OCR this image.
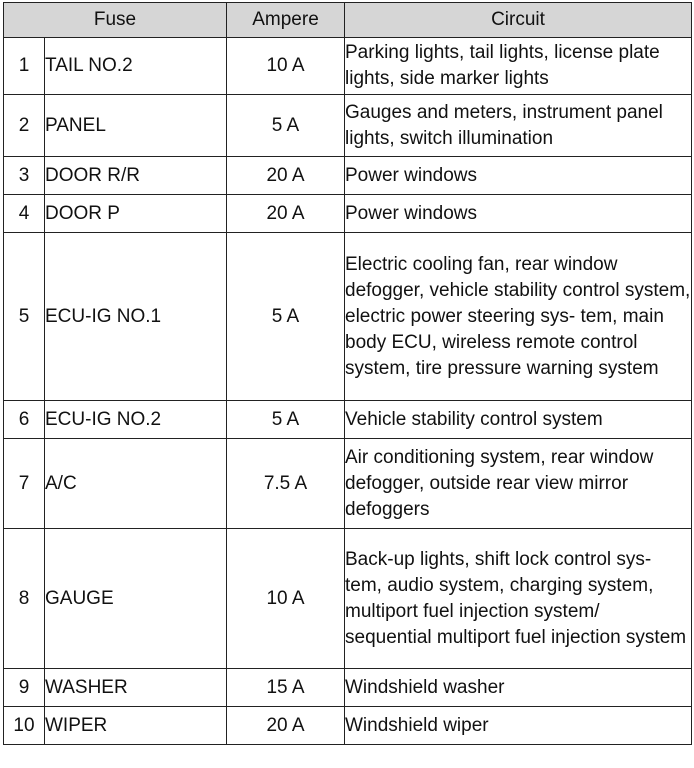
Fuse		Ampere	Circuit
1	TAIL NO.2	10 A	Parking lights, tail lights, license plate lights, side marker lights
2	PANEL	5 A	Gauges and meters, instrument panel lights, switch illumination
3	DOOR R/R	20 A	Power windows
4	DOOR P	20 A	Power windows
5	ECU-IG NO.1	5 A	Electric cooling fan, rear window defogger, vehicle stability control system, electric power steering sys- tem, main body ECU, wireless remote control system, tire pressure warning system
6	ECU-IG NO.2	5 A	Vehicle stability control system
7	A/C	7.5 A	Air conditioning system, rear window defogger, outside rear view mirror defoggers
8	GAUGE	10 A	Back-up lights, shift lock control sys- tem, audio system, charging system, multiport fuel injection system/ sequential multiport fuel injection system
9	WASHER	15 A	Windshield washer
10	WIPER	20 A	Windshield wiper
